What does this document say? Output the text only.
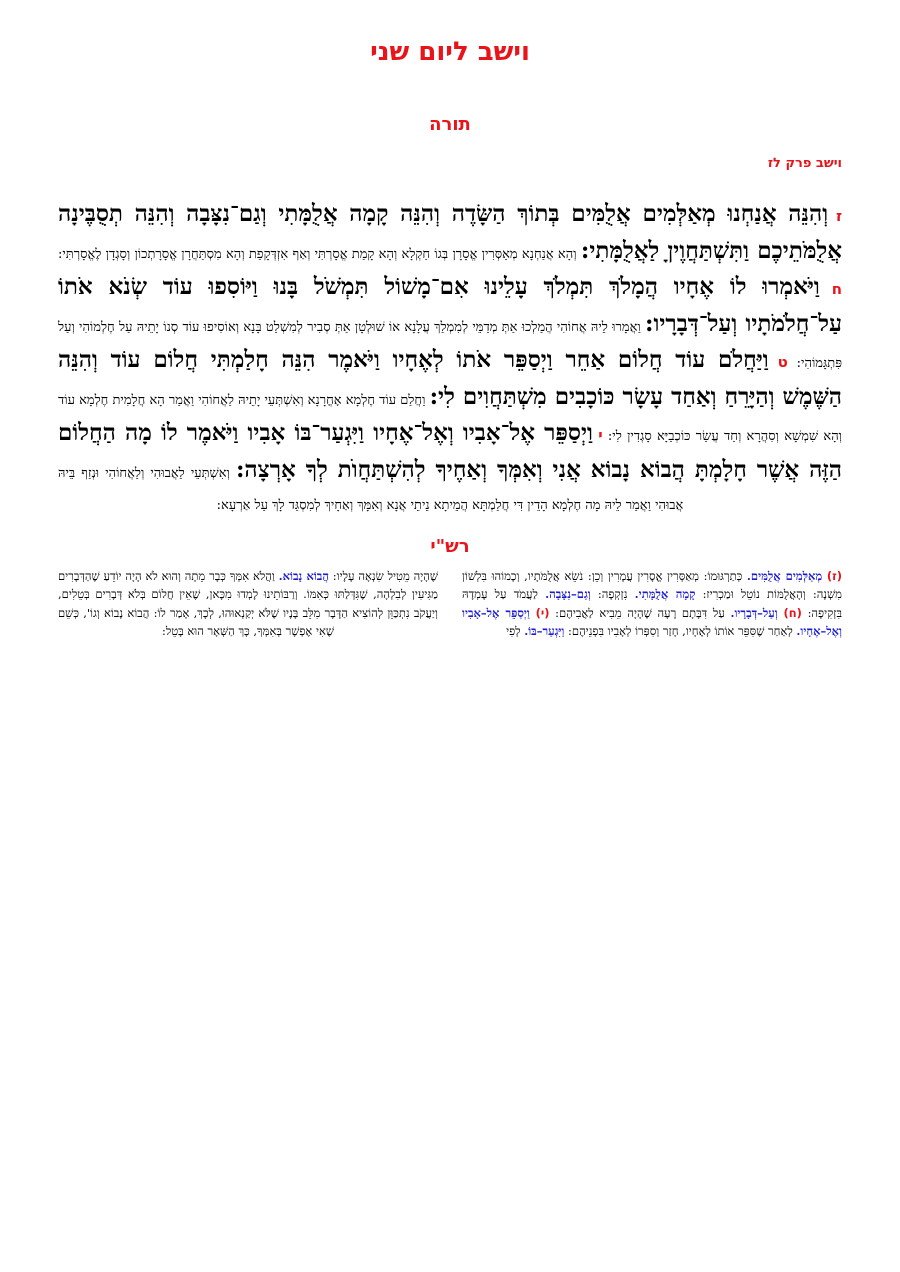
וישב ליום שני
תורה
וישב פרק לז
ז וְהִנֵּה אֲנַחְנוּ מְאַלְּמִים אֲלֻמִּים בְּתוֹךְ הַשָּׂדֶה וְהִנֵּה קָמָה אֲלֻמָּתִי וְגַם־נִצָּבָה וְהִנֵּה תְסֻבֶּינָה אֲלֻמֹּתֵיכֶם וַתִּשְׁתַּחֲוֶיןָ לַאֲלֻמָּתִי: וְהָא אֲנַחְנָא מְאַסְּרִין אֱסָרָן בְּגוֹ חַקְלָא וְהָא קָמַת אֱסָרְתִּי וְאַף אִזְדְּקָפַת וְהָא מִסְתַּחֲרָן אֱסָרָתְכוֹן וְסָגְדָן לֶאֱסָרְתִּי: ח וַיֹּאמְרוּ לוֹ אֶחָיו הֲמָלֹךְ תִּמְלֹךְ עָלֵינוּ אִם־מָשׁוֹל תִּמְשֹׁל בָּנוּ וַיּוֹסִפוּ עוֹד שְׂנֹא אֹתוֹ עַל־חֲלֹמֹתָיו וְעַל־דְּבָרָיו: וַאֲמָרוּ לֵיהּ אֲחוֹהִי הֲמַלְכוּ אַתְּ מְדַמֵּי לְמִמְלַךְ עֲלָנָא אוֹ שׁוּלְטָן אַתְּ סְבִיר לְמִשְׁלַט בָּנָא וְאוֹסִיפוּ עוֹד סְנוֹ יָתֵיהּ עַל חֶלְמוֹהִי וְעַל פִּתְגָּמוֹהִי: ט וַיַּחֲלֹם עוֹד חֲלוֹם אַחֵר וַיְסַפֵּר אֹתוֹ לְאֶחָיו וַיֹּאמֶר הִנֵּה חָלַמְתִּי חֲלוֹם עוֹד וְהִנֵּה הַשֶּׁמֶשׁ וְהַיָּרֵחַ וְאַחַד עָשָׂר כּוֹכָבִים מִשְׁתַּחֲוִים לִי: וַחֲלַם עוֹד חֶלְמָא אָחֳרָנָא וְאִשְׁתְּעֵי יָתֵיהּ לַאֲחוֹהִי וַאֲמַר הָא חֲלָמִית חֶלְמָא עוֹד וְהָא שִׁמְשָׁא וְסִהֲרָא וְחַד עֲשַׂר כּוֹכְבַיָּא סָגְדִין לִי: י וַיְסַפֵּר אֶל־אָבִיו וְאֶל־אֶחָיו וַיִּגְעַר־בּוֹ אָבִיו וַיֹּאמֶר לוֹ מָה הַחֲלוֹם הַזֶּה אֲשֶׁר חָלָמְתָּ הֲבוֹא נָבוֹא אֲנִי וְאִמְּךָ וְאַחֶיךָ לְהִשְׁתַּחֲוֺת לְךָ אָרְצָה: וְאִשְׁתְּעֵי לַאֲבוּהִי וְלַאֲחוֹהִי וּנְזַף בֵּיהּ אֲבוּהִי וַאֲמַר לֵיהּ מָה חֶלְמָא הָדֵין דִּי חֲלַמְתָּא הֲמֵיתָא נֵיתֵי אֲנָא וְאִמָּךְ וְאַחָיךְ לְמִסְגַּד לָךְ עַל אַרְעָא:
רש"י
(ז) מְאַלְּמִים אֲלֻמִּים. כְּתַרְגּוּמוֹ: מְאַסְּרִין אֱסָרִין עֲמָרִין וְכֵן: נֹשֵׂא אֲלֻמֹּתָיו, וְכָמוֹהוּ בִּלְשׁוֹן מִשְׁנָה: וְהָאֲלֻמּוֹת נוֹטֵל וּמַכְרִיז: קָמָה אֲלֻמָּתִי. נִזְקְפָה: וְגַם–נִצָּבָה. לַעֲמֹד עַל עָמְדָהּ בִּזְקִיפָה: (ח) וְעַל–דְּבָרָיו. עַל דִּבָּתָם רָעָה שֶׁהָיָה מֵבִיא לַאֲבִיהֶם: (י) וַיְסַפֵּר אֶל–אָבִיו וְאֶל–אֶחָיו. לְאַחַר שֶׁסִּפֵּר אוֹתוֹ לְאֶחָיו, חָזַר וְסִפְּרוֹ לְאָבִיו בִּפְנֵיהֶם: וַיִּגְעַר–בּוֹ. לְפִי
שֶׁהָיָה מֵטִיל שִׂנְאָה עָלָיו: הֲבוֹא נָבוֹא. וַהֲלֹא אִמְּךָ כְּבָר מֵתָה וְהוּא לֹא הָיָה יוֹדֵעַ שֶׁהַדְּבָרִים מַגִּיעִין לְבִלְהָה, שֶׁגִּדְּלַתּוּ כְּאִמּוֹ. וְרַבּוֹתֵינוּ לָמְדוּ מִכָּאן, שֶׁאֵין חֲלוֹם בְּלֹא דְּבָרִים בְּטֵלִים, וְיַעֲקֹב נִתְכַּוֵּן לְהוֹצִיא הַדָּבָר מִלֵּב בָּנָיו שֶׁלֹּא יְקַנְאוּהוּ, לְכָךְ, אָמַר לוֹ: הֲבוֹא נָבוֹא וְגוֹ', כְּשֵׁם שֶׁאִי אֶפְשָׁר בְּאִמְּךָ, כָּךְ הַשְּׁאָר הוּא בָּטֵל:
